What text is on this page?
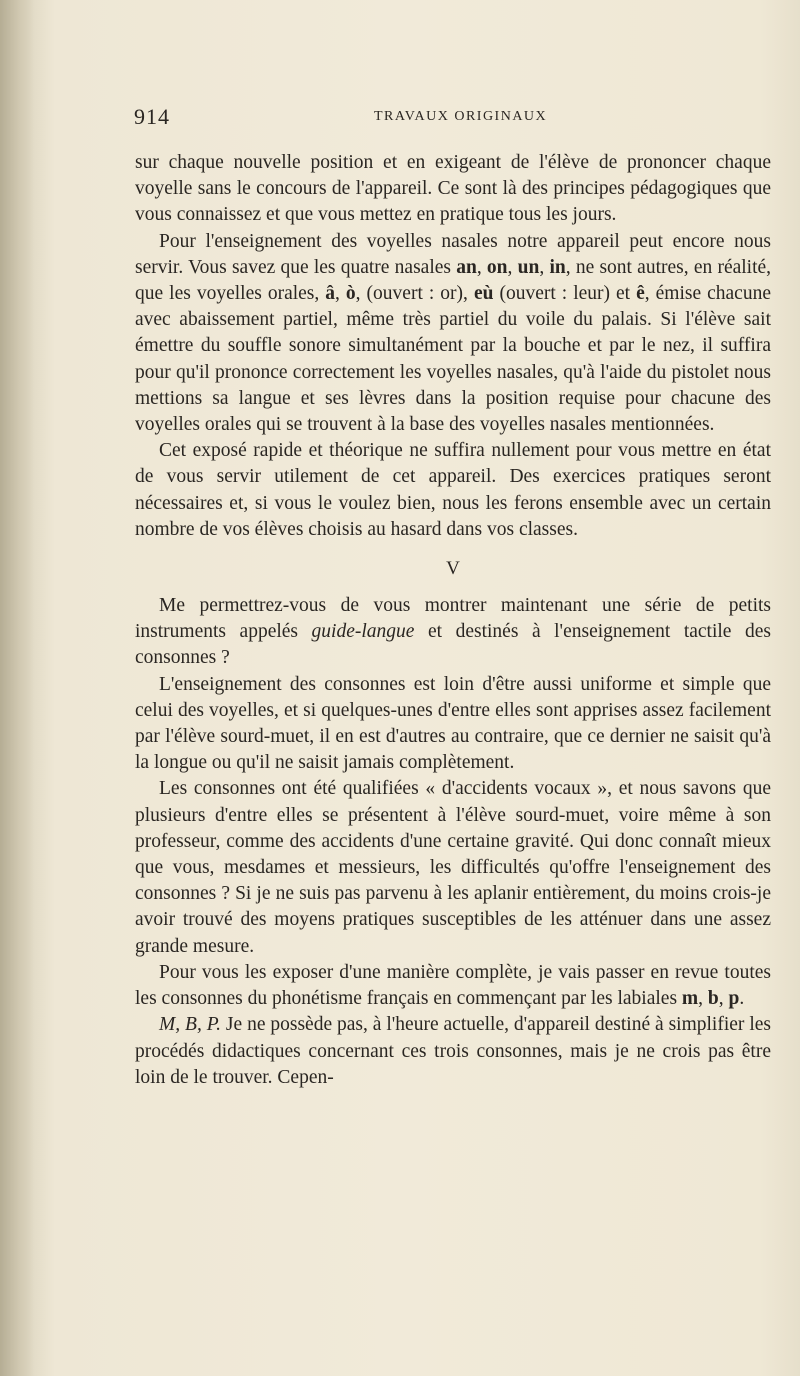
914	TRAVAUX ORIGINAUX

sur chaque nouvelle position et en exigeant de l'élève de prononcer chaque voyelle sans le concours de l'appareil. Ce sont là des principes pédagogiques que vous connaissez et que vous mettez en pratique tous les jours.

Pour l'enseignement des voyelles nasales notre appareil peut encore nous servir. Vous savez que les quatre nasales an, on, un, in, ne sont autres, en réalité, que les voyelles orales, â, ò, (ouvert : or), eù (ouvert : leur) et ê, émise chacune avec abaissement partiel, même très partiel du voile du palais. Si l'élève sait émettre du souffle sonore simultanément par la bouche et par le nez, il suffira pour qu'il prononce correctement les voyelles nasales, qu'à l'aide du pistolet nous mettions sa langue et ses lèvres dans la position requise pour chacune des voyelles orales qui se trouvent à la base des voyelles nasales mentionnées.

Cet exposé rapide et théorique ne suffira nullement pour vous mettre en état de vous servir utilement de cet appareil. Des exercices pratiques seront nécessaires et, si vous le voulez bien, nous les ferons ensemble avec un certain nombre de vos élèves choisis au hasard dans vos classes.

V

Me permettrez-vous de vous montrer maintenant une série de petits instruments appelés guide-langue et destinés à l'enseignement tactile des consonnes ?

L'enseignement des consonnes est loin d'être aussi uniforme et simple que celui des voyelles, et si quelques-unes d'entre elles sont apprises assez facilement par l'élève sourd-muet, il en est d'autres au contraire, que ce dernier ne saisit qu'à la longue ou qu'il ne saisit jamais complètement.

Les consonnes ont été qualifiées « d'accidents vocaux », et nous savons que plusieurs d'entre elles se présentent à l'élève sourd-muet, voire même à son professeur, comme des accidents d'une certaine gravité. Qui donc connaît mieux que vous, mesdames et messieurs, les difficultés qu'offre l'enseignement des consonnes ? Si je ne suis pas parvenu à les aplanir entièrement, du moins crois-je avoir trouvé des moyens pratiques susceptibles de les atténuer dans une assez grande mesure.

Pour vous les exposer d'une manière complète, je vais passer en revue toutes les consonnes du phonétisme français en commençant par les labiales m, b, p.

M, B, P. Je ne possède pas, à l'heure actuelle, d'appareil destiné à simplifier les procédés didactiques concernant ces trois consonnes, mais je ne crois pas être loin de le trouver. Cepen-
